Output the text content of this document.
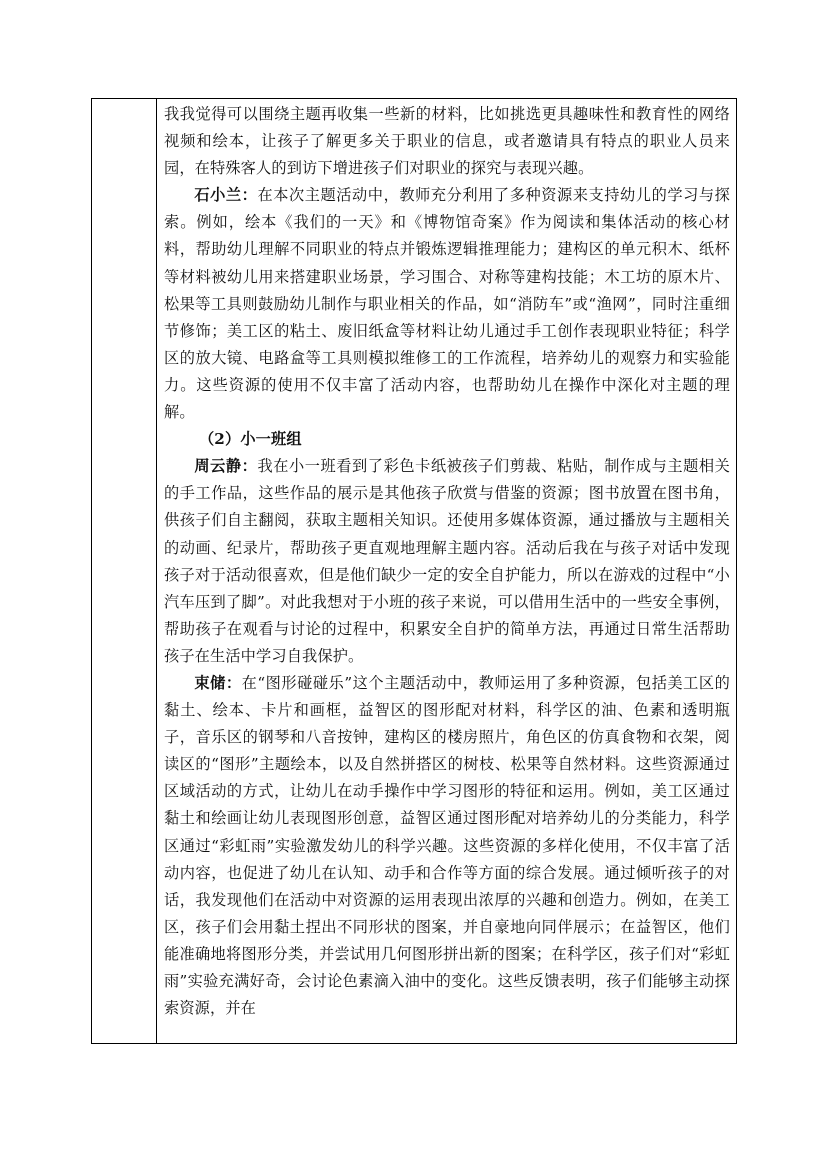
我我觉得可以围绕主题再收集一些新的材料，比如挑选更具趣味性和教育性的网络视频和绘本，让孩子了解更多关于职业的信息，或者邀请具有特点的职业人员来园，在特殊客人的到访下增进孩子们对职业的探究与表现兴趣。

石小兰：在本次主题活动中，教师充分利用了多种资源来支持幼儿的学习与探索。例如，绘本《我们的一天》和《博物馆奇案》作为阅读和集体活动的核心材料，帮助幼儿理解不同职业的特点并锻炼逻辑推理能力；建构区的单元积木、纸杯等材料被幼儿用来搭建职业场景，学习围合、对称等建构技能；木工坊的原木片、松果等工具则鼓励幼儿制作与职业相关的作品，如“消防车”或“渔网”，同时注重细节修饰；美工区的粘土、废旧纸盒等材料让幼儿通过手工创作表现职业特征；科学区的放大镜、电路盒等工具则模拟维修工的工作流程，培养幼儿的观察力和实验能力。这些资源的使用不仅丰富了活动内容，也帮助幼儿在操作中深化对主题的理解。

（2）小一班组

周云静：我在小一班看到了彩色卡纸被孩子们剪裁、粘贴，制作成与主题相关的手工作品，这些作品的展示是其他孩子欣赏与借鉴的资源；图书放置在图书角，供孩子们自主翻阅，获取主题相关知识。还使用多媒体资源，通过播放与主题相关的动画、纪录片，帮助孩子更直观地理解主题内容。活动后我在与孩子对话中发现 孩子对于活动很喜欢，但是他们缺少一定的安全自护能力，所以在游戏的过程中“小汽车压到了脚”。对此我想对于小班的孩子来说，可以借用生活中的一些安全事例，帮助孩子在观看与讨论的过程中，积累安全自护的简单方法，再通过日常生活帮助孩子在生活中学习自我保护。

束储：在“图形碰碰乐”这个主题活动中，教师运用了多种资源，包括美工区的黏土、绘本、卡片和画框，益智区的图形配对材料，科学区的油、色素和透明瓶子，音乐区的钢琴和八音按钟，建构区的楼房照片，角色区的仿真食物和衣架，阅读区的“图形”主题绘本，以及自然拼搭区的树枝、松果等自然材料。这些资源通过区域活动的方式，让幼儿在动手操作中学习图形的特征和运用。例如，美工区通过黏土和绘画让幼儿表现图形创意，益智区通过图形配对培养幼儿的分类能力，科学区通过“彩虹雨”实验激发幼儿的科学兴趣。这些资源的多样化使用，不仅丰富了活动内容，也促进了幼儿在认知、动手和合作等方面的综合发展。通过倾听孩子的对话，我发现他们在活动中对资源的运用表现出浓厚的兴趣和创造力。例如，在美工区，孩子们会用黏土捏出不同形状的图案，并自豪地向同伴展示；在益智区，他们能准确地将图形分类，并尝试用几何图形拼出新的图案；在科学区，孩子们对“彩虹雨”实验充满好奇，会讨论色素滴入油中的变化。这些反馈表明，孩子们能够主动探索资源，并在
